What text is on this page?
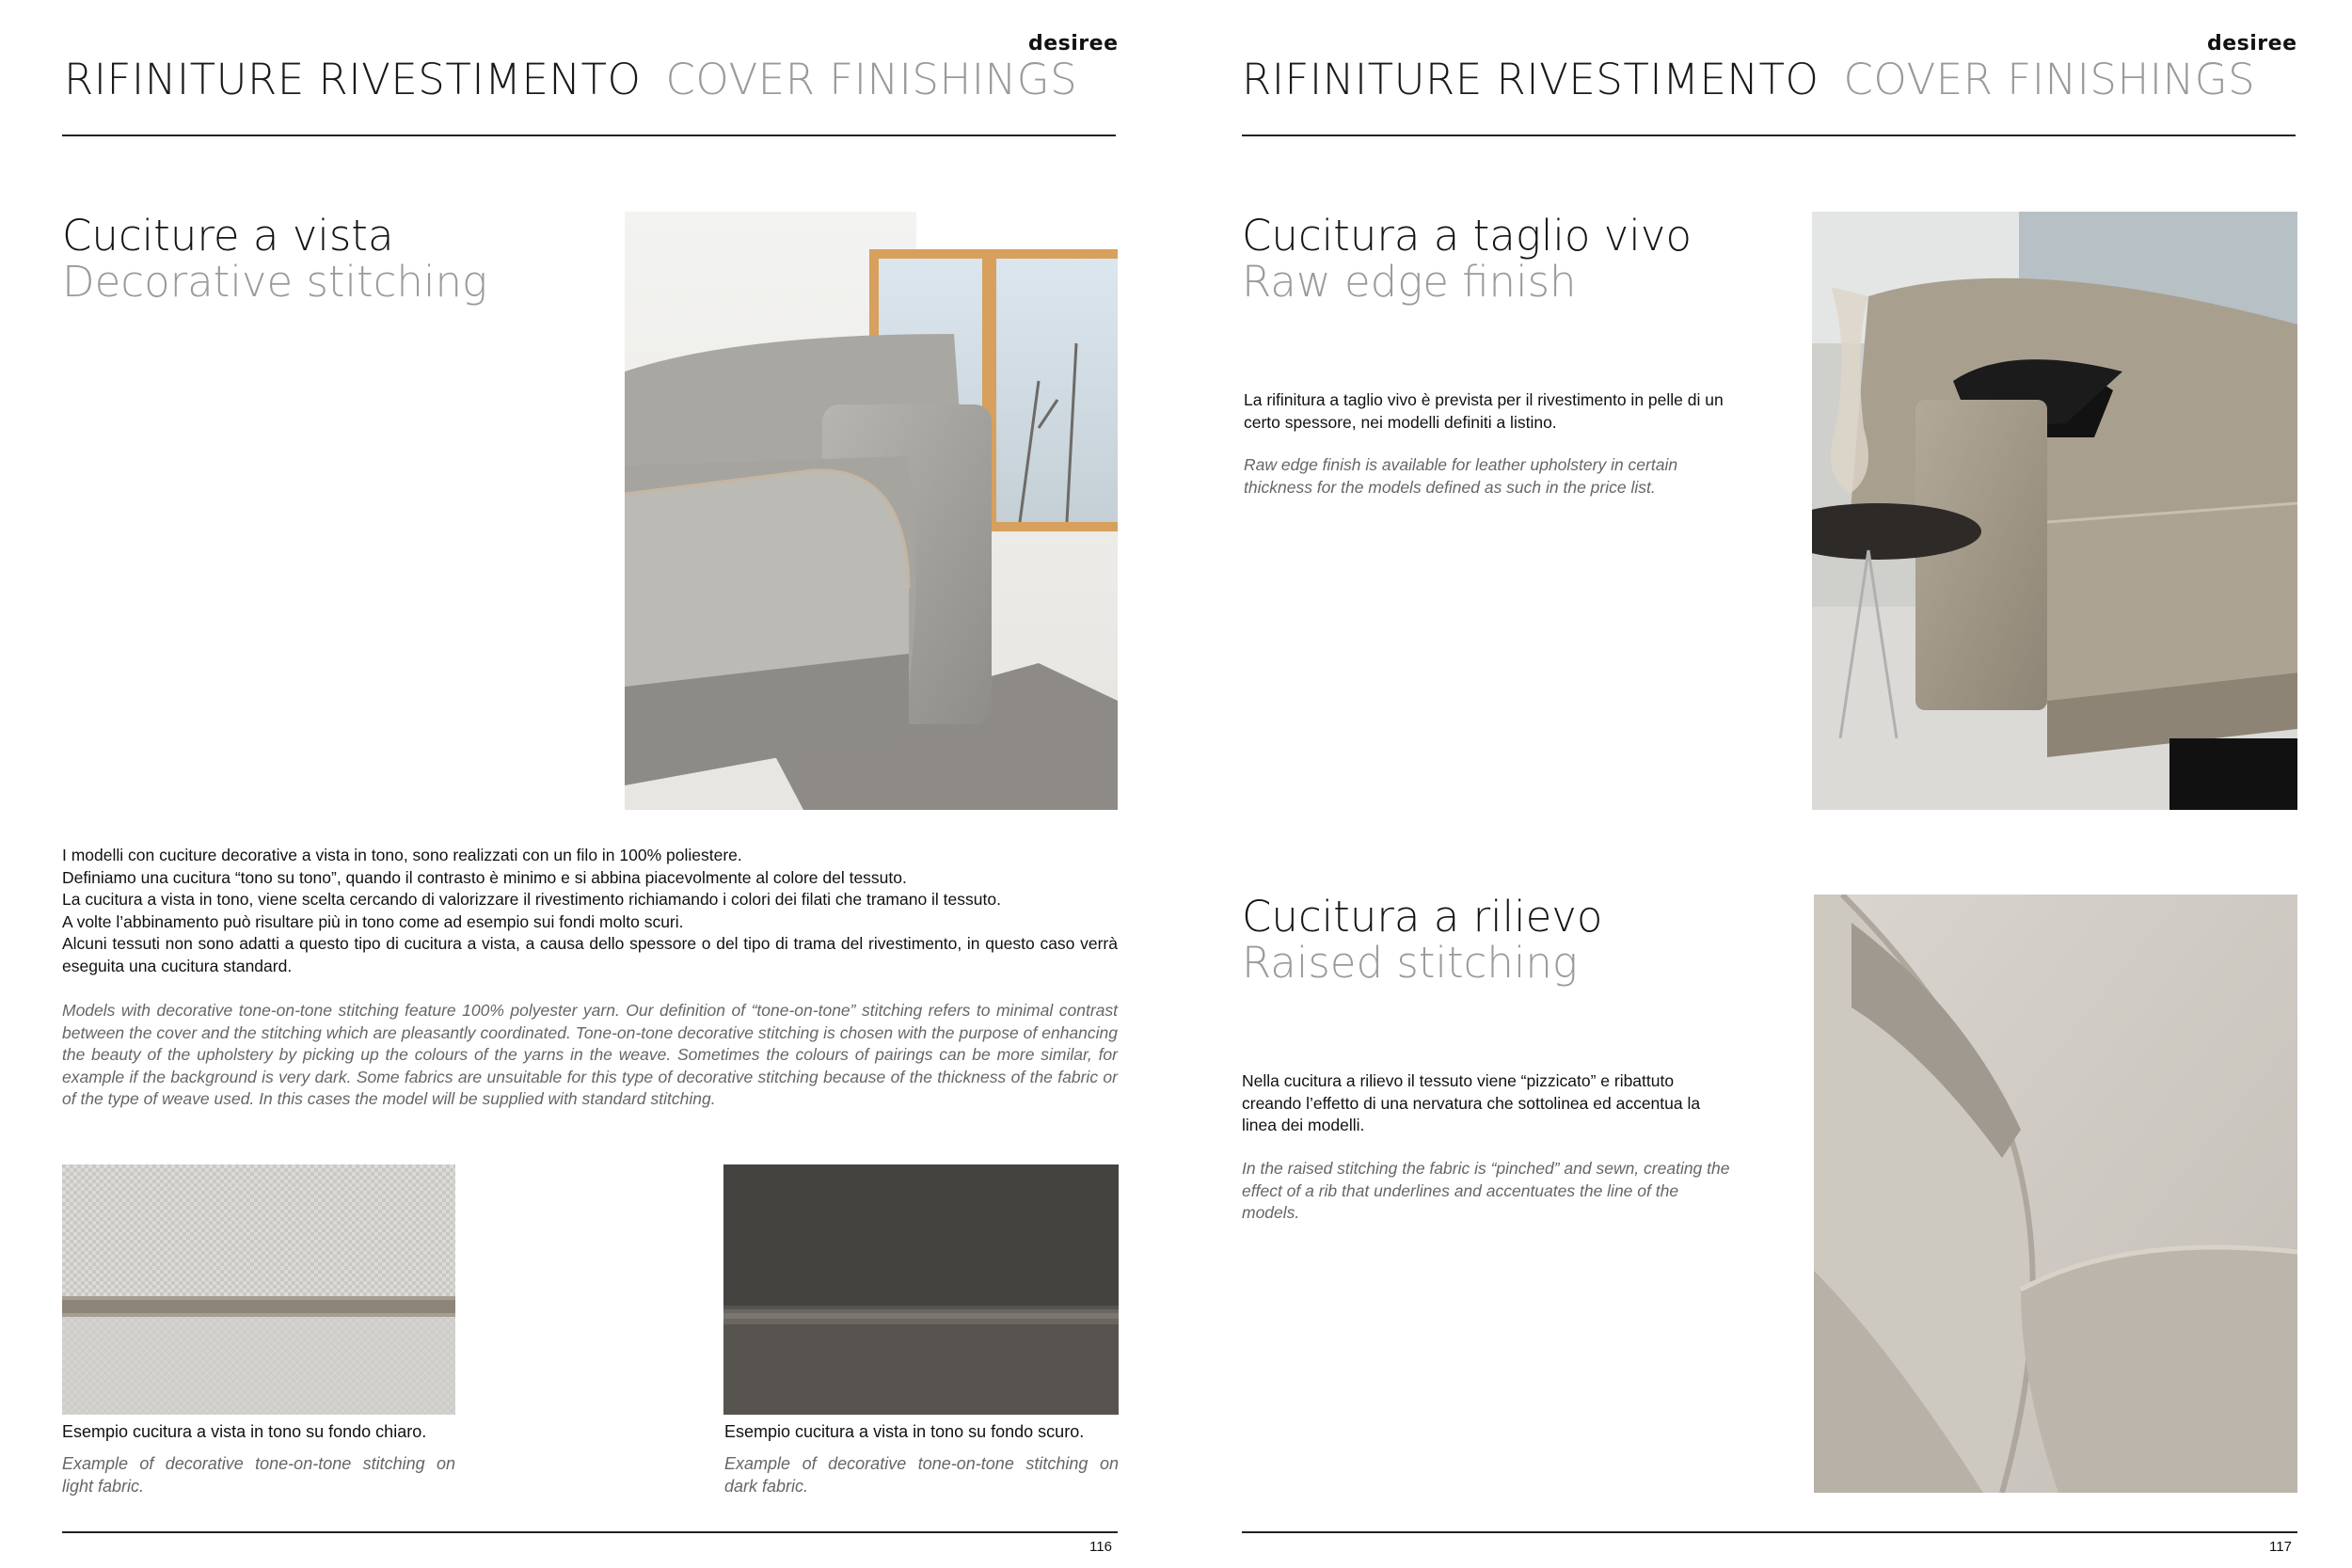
desiree
RIFINITURE RIVESTIMENTO COVER FINISHINGS
Cuciture a vista
Decorative stitching

I modelli con cuciture decorative a vista in tono, sono realizzati con un filo in 100% poliestere.

Definiamo una cucitura “tono su tono”, quando il contrasto è minimo e si abbina piacevolmente al colore del tessuto.

La cucitura a vista in tono, viene scelta cercando di valorizzare il rivestimento richiamando i colori dei filati che tramano il tessuto.

A volte l’abbinamento può risultare più in tono come ad esempio sui fondi molto scuri.

Alcuni tessuti non sono adatti a questo tipo di cucitura a vista, a causa dello spessore o del tipo di trama del rivestimento, in questo caso verrà eseguita una cucitura standard.

Models with decorative tone-on-tone stitching feature 100% polyester yarn. Our definition of “tone-on-tone” stitching refers to minimal contrast between the cover and the stitching which are pleasantly coordinated. Tone-on-tone decorative stitching is chosen with the purpose of enhancing the beauty of the upholstery by picking up the colours of the yarns in the weave. Sometimes the colours of pairings can be more similar, for example if the background is very dark. Some fabrics are unsuitable for this type of decorative stitching because of the thickness of the fabric or of the type of weave used. In this cases the model will be supplied with standard stitching.
Esempio cucitura a vista in tono su fondo chiaro.
Example of decorative tone-on-tone stitching on light fabric.
Esempio cucitura a vista in tono su fondo scuro.
Example of decorative tone-on-tone stitching on dark fabric.
116
desiree
RIFINITURE RIVESTIMENTO COVER FINISHINGS
Cucitura a taglio vivo
Raw edge finish
La rifinitura a taglio vivo è prevista per il rivestimento in pelle di un certo spessore, nei modelli definiti a listino.
Raw edge finish is available for leather upholstery in certain thickness for the models defined as such in the price list.
Cucitura a rilievo
Raised stitching
Nella cucitura a rilievo il tessuto viene “pizzicato” e ribattuto creando l’effetto di una nervatura che sottolinea ed accentua la linea dei modelli.
In the raised stitching the fabric is “pinched” and sewn, creating the effect of a rib that underlines and accentuates the line of the models.
117
